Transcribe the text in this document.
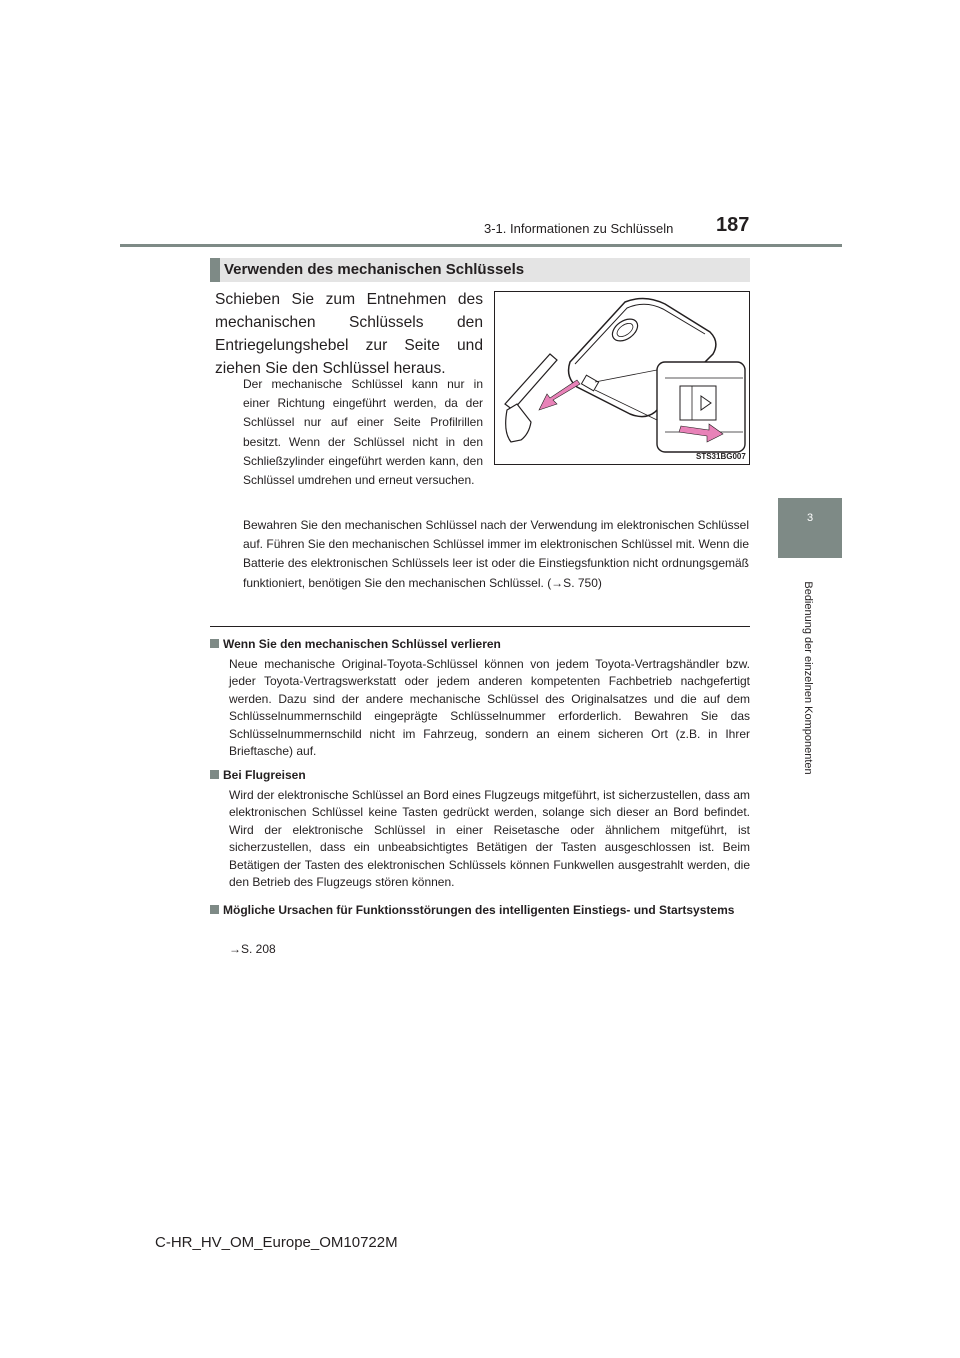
3-1. Informationen zu Schlüsseln 187
3
Bedienung der einzelnen Komponenten
Verwenden des mechanischen Schlüssels
Schieben Sie zum Entnehmen des mechanischen Schlüssels den Entriegelungshebel zur Seite und ziehen Sie den Schlüssel heraus.
Der mechanische Schlüssel kann nur in einer Richtung eingeführt werden, da der Schlüssel nur auf einer Seite Profilrillen besitzt. Wenn der Schlüssel nicht in den Schließzylinder eingeführt werden kann, den Schlüssel umdrehen und erneut versuchen.
STS31BG007
Bewahren Sie den mechanischen Schlüssel nach der Verwendung im elektronischen Schlüssel auf. Führen Sie den mechanischen Schlüssel immer im elektronischen Schlüssel mit. Wenn die Batterie des elektronischen Schlüssels leer ist oder die Einstiegsfunktion nicht ordnungsgemäß funktioniert, benötigen Sie den mechanischen Schlüssel. (→S. 750)
Wenn Sie den mechanischen Schlüssel verlieren
Neue mechanische Original-Toyota-Schlüssel können von jedem Toyota-Vertragshändler bzw. jeder Toyota-Vertragswerkstatt oder jedem anderen kompetenten Fachbetrieb nachgefertigt werden. Dazu sind der andere mechanische Schlüssel des Originalsatzes und die auf dem Schlüsselnummernschild eingeprägte Schlüsselnummer erforderlich. Bewahren Sie das Schlüsselnummernschild nicht im Fahrzeug, sondern an einem sicheren Ort (z.B. in Ihrer Brieftasche) auf.
Bei Flugreisen
Wird der elektronische Schlüssel an Bord eines Flugzeugs mitgeführt, ist sicherzustellen, dass am elektronischen Schlüssel keine Tasten gedrückt werden, solange sich dieser an Bord befindet. Wird der elektronische Schlüssel in einer Reisetasche oder ähnlichem mitgeführt, ist sicherzustellen, dass ein unbeabsichtigtes Betätigen der Tasten ausgeschlossen ist. Beim Betätigen der Tasten des elektronischen Schlüssels können Funkwellen ausgestrahlt werden, die den Betrieb des Flugzeugs stören können.
Mögliche Ursachen für Funktionsstörungen des intelligenten Einstiegs- und Startsystems
→S. 208
C-HR_HV_OM_Europe_OM10722M
